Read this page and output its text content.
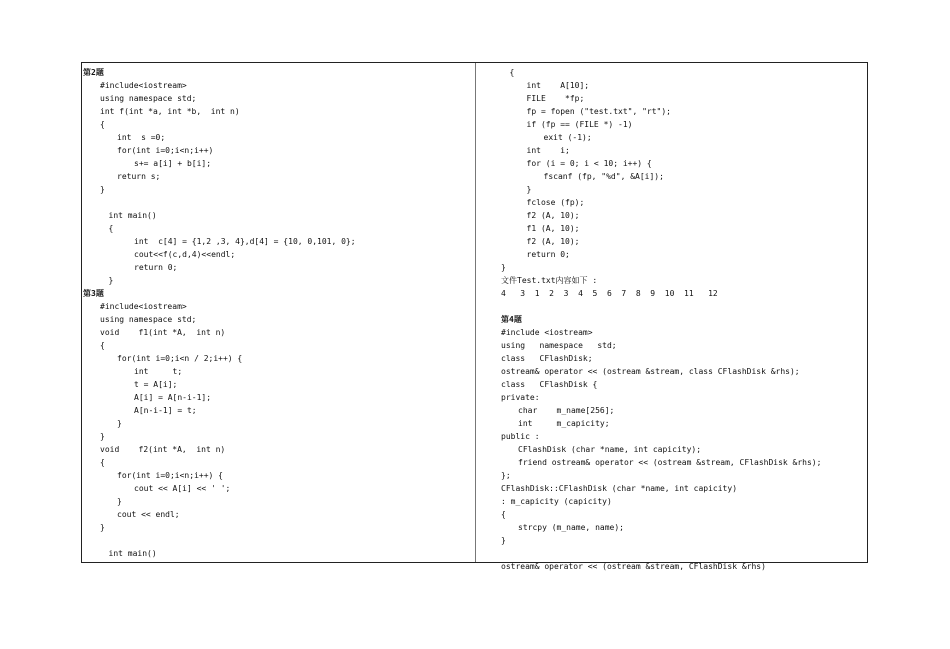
第2题
#include<iostream>
using namespace std;
int f(int *a, int *b,  int n)
{
int  s =0;
for(int i=0;i<n;i++)
s+= a[i] + b[i];
return s;
}
int main()
{
int  c[4] = {1,2 ,3, 4},d[4] = {10, 0,101, 0};
cout<<f(c,d,4)<<endl;
return 0;
}
第3题
#include<iostream>
using namespace std;
void    f1(int *A,  int n)
{
for(int i=0;i<n / 2;i++) {
int     t;
t = A[i];
A[i] = A[n-i-1];
A[n-i-1] = t;
}
}
void    f2(int *A,  int n)
{
for(int i=0;i<n;i++) {
cout << A[i] << ' ';
}
cout << endl;
}
int main()
{
int    A[10];
FILE    *fp;
fp = fopen ("test.txt", "rt");
if (fp == (FILE *) -1)
exit (-1);
int    i;
for (i = 0; i < 10; i++) {
fscanf (fp, "%d", &A[i]);
}
fclose (fp);
f2 (A, 10);
f1 (A, 10);
f2 (A, 10);
return 0;
}
文件Test.txt内容如下 :
4   3  1  2  3  4  5  6  7  8  9  10  11   12
第4题
#include <iostream>
using   namespace   std;
class   CFlashDisk;
ostream& operator << (ostream &stream, class CFlashDisk &rhs);
class   CFlashDisk {
private:
char    m_name[256];
int     m_capicity;
public :
CFlashDisk (char *name, int capicity);
friend ostream& operator << (ostream &stream, CFlashDisk &rhs);
};
CFlashDisk::CFlashDisk (char *name, int capicity)
: m_capicity (capicity)
{
strcpy (m_name, name);
}
ostream& operator << (ostream &stream, CFlashDisk &rhs)
